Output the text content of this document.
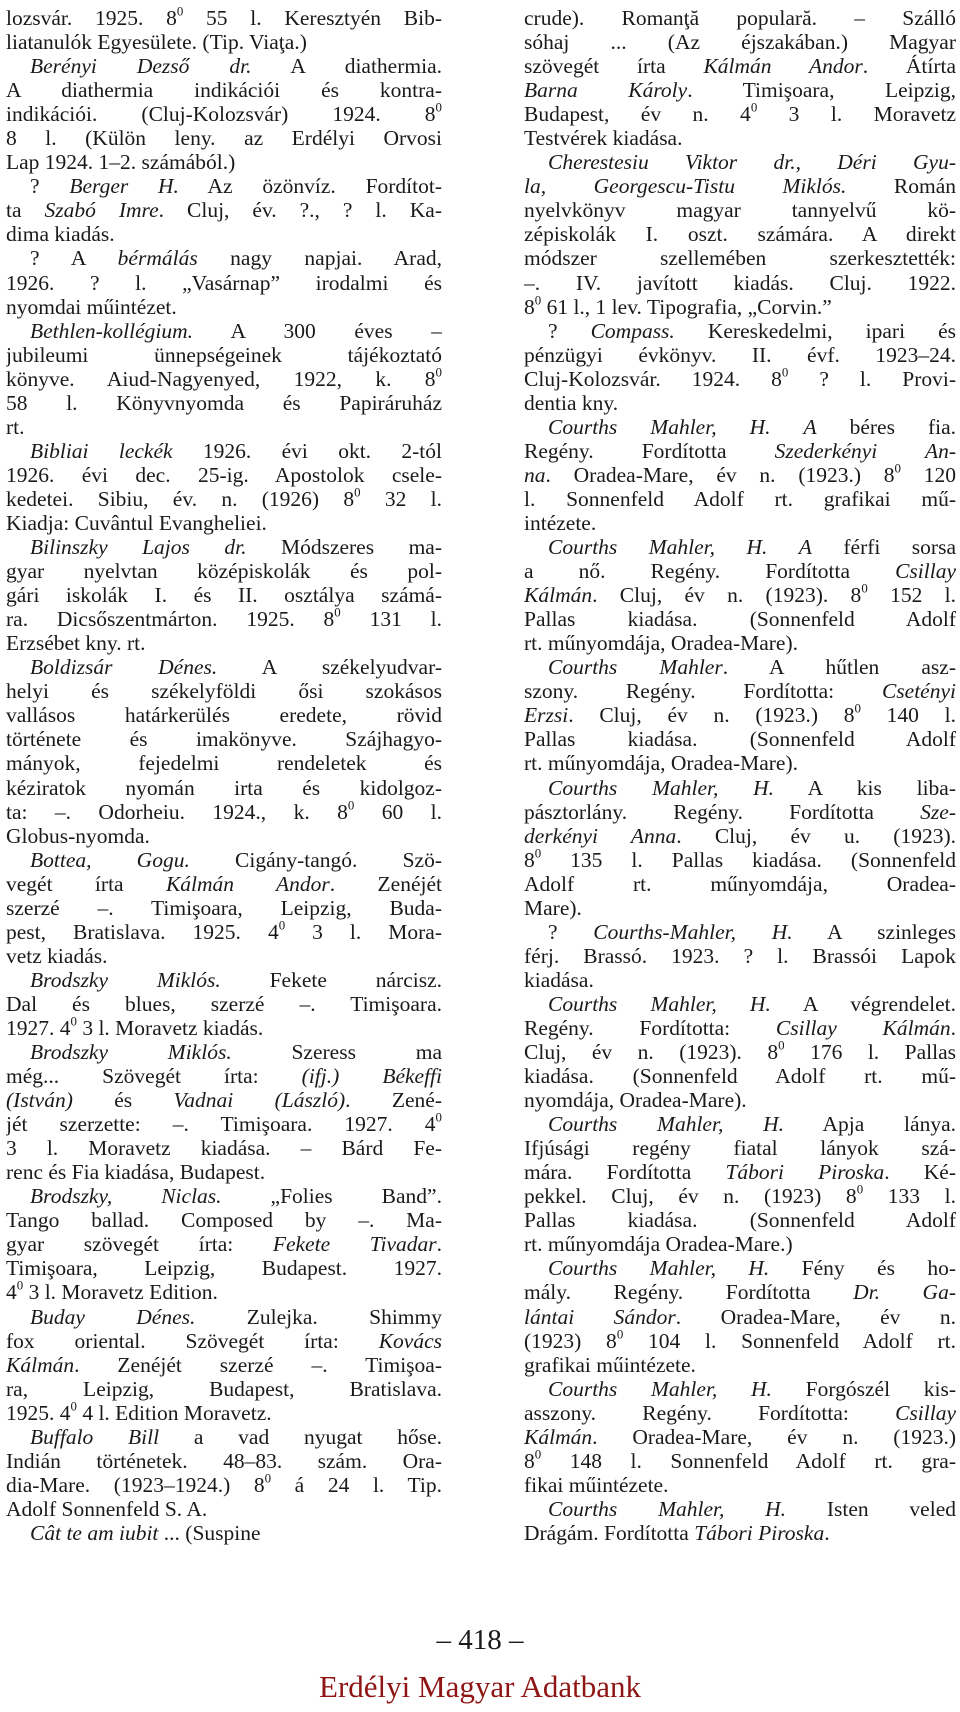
lozsvár. 1925. $8^0$ 55 l. Keresztyén Bib-
liatanulók Egyesülete. (Tip. Viaţa.)
Berényi Dezső dr. A diathermia.
A diathermia indikációi és kontra-
indikációi. (Cluj-Kolozsvár) 1924. $8^0$
8 l. (Külön leny. az Erdélyi Orvosi
Lap 1924. 1–2. számából.)
? Berger H. Az özönvíz. Fordítot-
ta Szabó Imre. Cluj, év. ?., ? l. Ka-
dima kiadás.
? A bérmálás nagy napjai. Arad,
1926. ? l. „Vasárnap” irodalmi és
nyomdai műintézet.
Bethlen-kollégium. A 300 éves –
jubileumi ünnepségeinek tájékoztató
könyve. Aiud-Nagyenyed, 1922, k. $8^0$
58 l. Könyvnyomda és Papiráruház
rt.
Bibliai leckék 1926. évi okt. 2-tól
1926. évi dec. 25-ig. Apostolok csele-
kedetei. Sibiu, év. n. (1926) $8^0$ 32 l.
Kiadja: Cuvântul Evangheliei.
Bilinszky Lajos dr. Módszeres ma-
gyar nyelvtan középiskolák és pol-
gári iskolák I. és II. osztálya számá-
ra. Dicsőszentmárton. 1925. $8^0$ 131 l.
Erzsébet kny. rt.
Boldizsár Dénes. A székelyudvar-
helyi és székelyföldi ősi szokásos
vallásos határkerülés eredete, rövid
története és imakönyve. Szájhagyo-
mányok, fejedelmi rendeletek és
kéziratok nyomán irta és kidolgoz-
ta: –. Odorheiu. 1924., k. $8^0$ 60 l.
Globus-nyomda.
Bottea, Gogu. Cigány-tangó. Szö-
vegét írta Kálmán Andor. Zenéjét
szerzé –. Timişoara, Leipzig, Buda-
pest, Bratislava. 1925. $4^0$ 3 l. Mora-
vetz kiadás.
Brodszky Miklós. Fekete nárcisz.
Dal és blues, szerzé –. Timişoara.
1927. $4^0$ 3 l. Moravetz kiadás.
Brodszky Miklós. Szeress ma
még... Szövegét írta: (ifj.) Békeffi
(István) és Vadnai (László). Zené-
jét szerzette: –. Timişoara. 1927. $4^0$
3 l. Moravetz kiadása. – Bárd Fe-
renc és Fia kiadása, Budapest.
Brodszky, Niclas. „Folies Band”.
Tango ballad. Composed by –. Ma-
gyar szövegét írta: Fekete Tivadar.
Timişoara, Leipzig, Budapest. 1927.
$4^0$ 3 l. Moravetz Edition.
Buday Dénes. Zulejka. Shimmy
fox oriental. Szövegét írta: Kovács
Kálmán. Zenéjét szerzé –. Timişoa-
ra, Leipzig, Budapest, Bratislava.
1925. $4^0$ 4 l. Edition Moravetz.
Buffalo Bill a vad nyugat hőse.
Indián történetek. 48–83. szám. Ora-
dia-Mare. (1923–1924.) $8^0$ á 24 l. Tip.
Adolf Sonnenfeld S. A.
Cât te am iubit ... (Suspine
crude). Romanţă populară. – Szálló
sóhaj ... (Az éjszakában.) Magyar
szövegét írta Kálmán Andor. Átírta
Barna Károly. Timişoara, Leipzig,
Budapest, év n. $4^0$ 3 l. Moravetz
Testvérek kiadása.
Cherestesiu Viktor dr., Déri Gyu-
la, Georgescu-Tistu Miklós. Román
nyelvkönyv magyar tannyelvű kö-
zépiskolák I. oszt. számára. A direkt
módszer szellemében szerkesztették:
–. IV. javított kiadás. Cluj. 1922.
$8^0$ 61 l., 1 lev. Tipografia, „Corvin.”
? Compass. Kereskedelmi, ipari és
pénzügyi évkönyv. II. évf. 1923–24.
Cluj-Kolozsvár. 1924. $8^0$ ? l. Provi-
dentia kny.
Courths Mahler, H. A béres fia.
Regény. Fordította Szederkényi An-
na. Oradea-Mare, év n. (1923.) $8^0$ 120
l. Sonnenfeld Adolf rt. grafikai mű-
intézete.
Courths Mahler, H. A férfi sorsa
a nő. Regény. Fordította Csillay
Kálmán. Cluj, év n. (1923). $8^0$ 152 l.
Pallas kiadása. (Sonnenfeld Adolf
rt. műnyomdája, Oradea-Mare).
Courths Mahler. A hűtlen asz-
szony. Regény. Fordította: Csetényi
Erzsi. Cluj, év n. (1923.) $8^0$ 140 l.
Pallas kiadása. (Sonnenfeld Adolf
rt. műnyomdája, Oradea-Mare).
Courths Mahler, H. A kis liba-
pásztorlány. Regény. Fordította Sze-
derkényi Anna. Cluj, év u. (1923).
$8^0$ 135 l. Pallas kiadása. (Sonnenfeld
Adolf rt. műnyomdája, Oradea-
Mare).
? Courths-Mahler, H. A szinleges
férj. Brassó. 1923. ? l. Brassói Lapok
kiadása.
Courths Mahler, H. A végrendelet.
Regény. Fordította: Csillay Kálmán.
Cluj, év n. (1923). $8^0$ 176 l. Pallas
kiadása. (Sonnenfeld Adolf rt. mű-
nyomdája, Oradea-Mare).
Courths Mahler, H. Apja lánya.
Ifjúsági regény fiatal lányok szá-
mára. Fordította Tábori Piroska. Ké-
pekkel. Cluj, év n. (1923) $8^0$ 133 l.
Pallas kiadása. (Sonnenfeld Adolf
rt. műnyomdája Oradea-Mare.)
Courths Mahler, H. Fény és ho-
mály. Regény. Fordította Dr. Ga-
lántai Sándor. Oradea-Mare, év n.
(1923) $8^0$ 104 l. Sonnenfeld Adolf rt.
grafikai műintézete.
Courths Mahler, H. Forgószél kis-
asszony. Regény. Fordította: Csillay
Kálmán. Oradea-Mare, év n. (1923.)
$8^0$ 148 l. Sonnenfeld Adolf rt. gra-
fikai műintézete.
Courths Mahler, H. Isten veled
Drágám. Fordította Tábori Piroska.
– 418 –
Erdélyi Magyar Adatbank
